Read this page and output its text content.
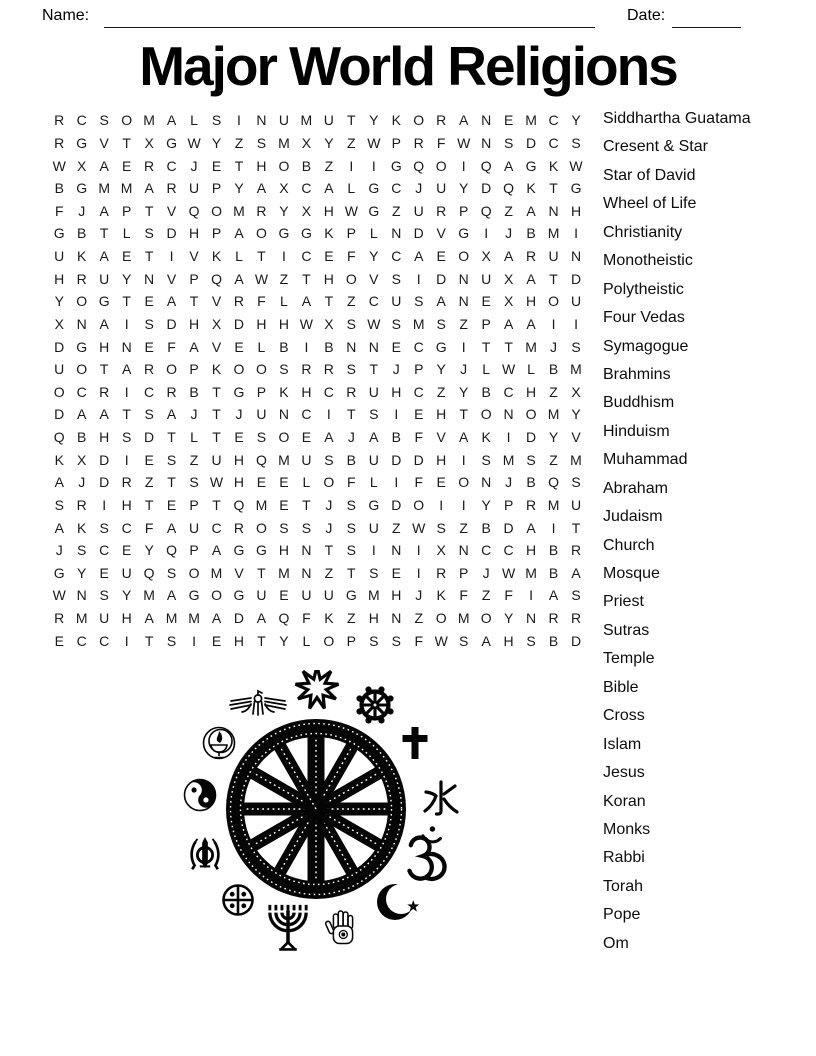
Name:	Date:
Major World Religions
R C S O M A L S	I	N U M U T Y K O R A N E M C Y
R G V T X G W Y Z S M X Y Z W P R F W N S D C S
W X A E R C J	E T H O B Z	I	I	G Q O	I	Q A G K W
B G M M A R U P Y A X C A L G C J U Y D Q K T G
F	J	A P T V Q O M R Y X H W G Z U R P Q Z A N H
G B T	L S D H P A O G G K P L N D V G	I	J	B M	I
U K A E T	I	V K L	T	I	C E F Y C A E O X A R U N
H R U Y N V P Q A W Z T H O V S	I	D N U X A T D
Y O G T E A T V R F	L A T Z C U S A N E X H O U
X N A	I	S D H X D H H W X S W S M S Z P A A	I	I
D G H N E F A V E L B	I	B N N E C G	I	T T M J	S
U O T A R O P K O O S R R S T	J	P Y	J	L W L B M
O C R	I	C R B T G P K H C R U H C Z Y B C H Z X
D A A T S A	J	T	J U N C	I	T S	I	E H T O N O M Y
Q B H S D T	L	T E S O E A	J	A B F V A K	I	D Y V
K X D	I	E S Z U H Q M U S B U D D H	I	S M S Z M
A	J D R Z T S W H E E L O F	L	I	F E O N J	B Q S
S R	I	H T E P T Q M E T	J	S G D O	I	I	Y P R M U
A K S C F A U C R O S S	J	S U Z W S Z B D A	I	T
J	S C E Y Q P A G G H N T S	I	N	I	X N C C H B R
G Y E U Q S O M V T M N Z T S E	I	R P	J W M B A
W N S Y M A G O G U E U U G M H J	K F Z F	I	A S
R M U H A M M A D A Q F K Z H N Z O M O Y N R R
E C C	I	T S	I	E H T Y L O P S S F W S A H S B D
Siddhartha Guatama
Cresent & Star
Star of David
Wheel of Life
Christianity
Monotheistic
Polytheistic
Four Vedas
Symagogue
Brahmins
Buddhism
Hinduism
Muhammad
Abraham
Judaism
Church
Mosque
Priest
Sutras
Temple
Bible
Cross
Islam
Jesus
Koran
Monks
Rabbi
Torah
Pope
Om
